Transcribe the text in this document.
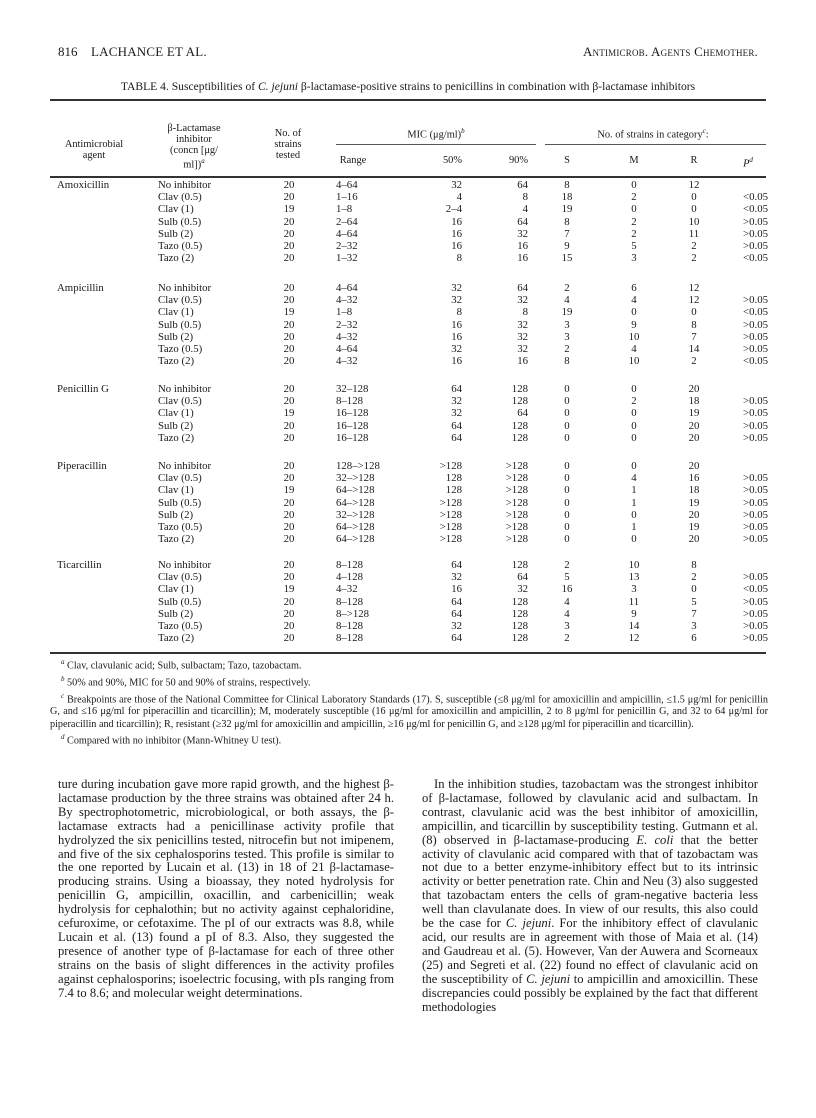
816 LACHANCE ET AL.	Antimicrob. Agents Chemother.
TABLE 4. Susceptibilities of C. jejuni β-lactamase-positive strains to penicillins in combination with β-lactamase inhibitors
Antimicrobial
agent
β-Lactamase
inhibitor
(concn [μg/
ml])$^a$
No. of
strains
tested
MIC $(\mu g/ml)^b$
Range	50%	90%
No. of strains in category$^c$:
S	M	R	$P^d$
Amoxicillin	No inhibitor	20	4–64	32	64	8	0	12
Clav (0.5)	20	1–16	4	8	18	2	0	<0.05
Clav (1)	19	1–8	2–4	4	19	0	0	<0.05
Sulb (0.5)	20	2–64	16	64	8	2	10	>0.05
Sulb (2)	20	4–64	16	32	7	2	11	>0.05
Tazo (0.5)	20	2–32	16	16	9	5	2	>0.05
Tazo (2)	20	1–32	8	16	15	3	2	<0.05
Ampicillin	No inhibitor	20	4–64	32	64	2	6	12
Clav (0.5)	20	4–32	32	32	4	4	12	>0.05
Clav (1)	19	1–8	8	8	19	0	0	<0.05
Sulb (0.5)	20	2–32	16	32	3	9	8	>0.05
Sulb (2)	20	4–32	16	32	3	10	7	>0.05
Tazo (0.5)	20	4–64	32	32	2	4	14	>0.05
Tazo (2)	20	4–32	16	16	8	10	2	<0.05
Penicillin G	No inhibitor	20	32–128	64	128	0	0	20
Clav (0.5)	20	8–128	32	128	0	2	18	>0.05
Clav (1)	19	16–128	32	64	0	0	19	>0.05
Sulb (2)	20	16–128	64	128	0	0	20	>0.05
Tazo (2)	20	16–128	64	128	0	0	20	>0.05
Piperacillin	No inhibitor	20	128–>128	>128	>128	0	0	20
Clav (0.5)	20	32–>128	128	>128	0	4	16	>0.05
Clav (1)	19	64–>128	128	>128	0	1	18	>0.05
Sulb (0.5)	20	64–>128	>128	>128	0	1	19	>0.05
Sulb (2)	20	32–>128	>128	>128	0	0	20	>0.05
Tazo (0.5)	20	64–>128	>128	>128	0	1	19	>0.05
Tazo (2)	20	64–>128	>128	>128	0	0	20	>0.05
Ticarcillin	No inhibitor	20	8–128	64	128	2	10	8
Clav (0.5)	20	4–128	32	64	5	13	2	>0.05
Clav (1)	19	4–32	16	32	16	3	0	<0.05
Sulb (0.5)	20	8–128	64	128	4	11	5	>0.05
Sulb (2)	20	8–>128	64	128	4	9	7	>0.05
Tazo (0.5)	20	8–128	32	128	3	14	3	>0.05
Tazo (2)	20	8–128	64	128	2	12	6	>0.05

$^a$ Clav, clavulanic acid; Sulb, sulbactam; Tazo, tazobactam.

$^b$ 50% and 90%, MIC for 50 and 90% of strains, respectively.

$^c$ Breakpoints are those of the National Committee for Clinical Laboratory Standards (17). S, susceptible (≤8 μg/ml for amoxicillin and ampicillin, ≤1.5 μg/ml for penicillin G, and ≤16 μg/ml for piperacillin and ticarcillin); M, moderately susceptible (16 μg/ml for amoxicillin and ampicillin, 2 to 8 μg/ml for penicillin G, and 32 to 64 μg/ml for piperacillin and ticarcillin); R, resistant (≥32 μg/ml for amoxicillin and ampicillin, ≥16 μg/ml for penicillin G, and ≥128 μg/ml for piperacillin and ticarcillin).

$^d$ Compared with no inhibitor (Mann-Whitney U test).

ture during incubation gave more rapid growth, and the highest β-lactamase production by the three strains was obtained after 24 h. By spectrophotometric, microbiological, or both assays, the β-lactamase extracts had a penicillinase activity profile that hydrolyzed the six penicillins tested, nitrocefin but not imipenem, and five of the six cephalosporins tested. This profile is similar to the one reported by Lucain et al. (13) in 18 of 21 β-lactamase-producing strains. Using a bioassay, they noted hydrolysis for penicillin G, ampicillin, oxacillin, and carbenicillin; weak hydrolysis for cephalothin; but no activity against cephaloridine, cefuroxime, or cefotaxime. The pI of our extracts was 8.8, while Lucain et al. (13) found a pI of 8.3. Also, they suggested the presence of another type of β-lactamase for each of three other strains on the basis of slight differences in the activity profiles against cephalosporins; isoelectric focusing, with pIs ranging from 7.4 to 8.6; and molecular weight determinations.

In the inhibition studies, tazobactam was the strongest inhibitor of β-lactamase, followed by clavulanic acid and sulbactam. In contrast, clavulanic acid was the best inhibitor of amoxicillin, ampicillin, and ticarcillin by susceptibility testing. Gutmann et al. (8) observed in β-lactamase-producing E. coli that the better activity of clavulanic acid compared with that of tazobactam was not due to a better enzyme-inhibitory effect but to its intrinsic activity or better penetration rate. Chin and Neu (3) also suggested that tazobactam enters the cells of gram-negative bacteria less well than clavulanate does. In view of our results, this also could be the case for C. jejuni. For the inhibitory effect of clavulanic acid, our results are in agreement with those of Maia et al. (14) and Gaudreau et al. (5). However, Van der Auwera and Scorneaux (25) and Segreti et al. (22) found no effect of clavulanic acid on the susceptibility of C. jejuni to ampicillin and amoxicillin. These discrepancies could possibly be explained by the fact that different methodologies
